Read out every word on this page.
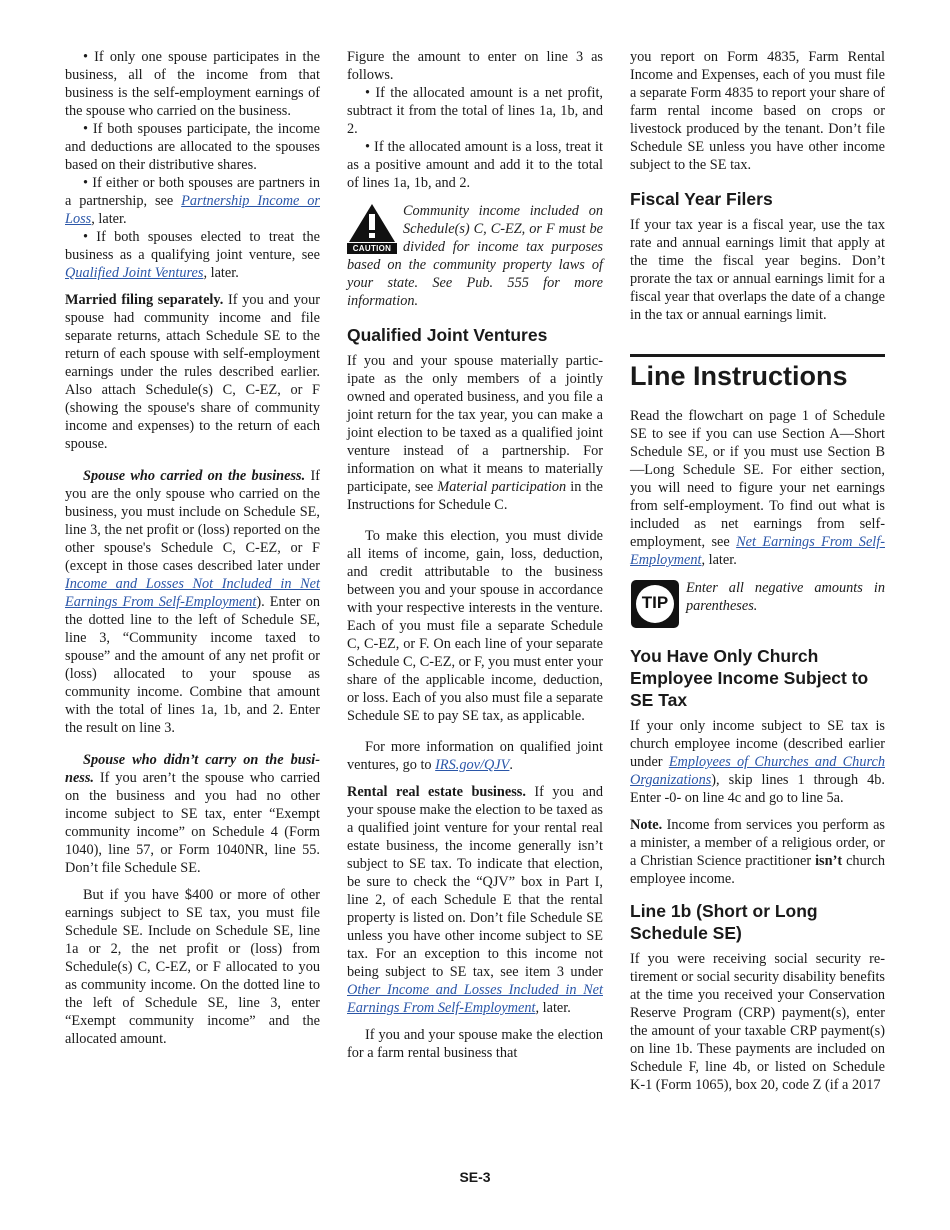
• If only one spouse participates in the business, all of the income from that business is the self-employment earnings of the spouse who carried on the business.

• If both spouses participate, the income and deductions are allocated to the spouses based on their distributive shares.

• If either or both spouses are partners in a partnership, see Partnership Income or Loss, later.

• If both spouses elected to treat the business as a qualifying joint venture, see Qualified Joint Ventures, later.

Married filing separately. If you and your spouse had community income and file separate returns, attach Schedule SE to the return of each spouse with self-employment earnings under the rules described earlier. Also attach Schedule(s) C, C-EZ, or F (showing the spouse's share of community income and expenses) to the return of each spouse.

Spouse who carried on the business. If you are the only spouse who carried on the business, you must include on Schedule SE, line 3, the net profit or (loss) reported on the other spouse's Schedule C, C-EZ, or F (except in those cases described later under Income and Losses Not Included in Net Earnings From Self-Employment). Enter on the dotted line to the left of Schedule SE, line 3, “Community income taxed to spouse” and the amount of any net profit or (loss) allocated to your spouse as community income. Combine that amount with the total of lines 1a, 1b, and 2. Enter the result on line 3.

Spouse who didn’t carry on the business. If you aren’t the spouse who carried on the business and you had no other income subject to SE tax, enter “Exempt community income” on Schedule 4 (Form 1040), line 57, or Form 1040NR, line 55. Don’t file Schedule SE.

But if you have $400 or more of other earnings subject to SE tax, you must file Schedule SE. Include on Schedule SE, line 1a or 2, the net profit or (loss) from Schedule(s) C, C-EZ, or F allocated to you as community income. On the dotted line to the left of Schedule SE, line 3, enter “Exempt community income” and the allocated amount.

Figure the amount to enter on line 3 as follows.

• If the allocated amount is a net profit, subtract it from the total of lines 1a, 1b, and 2.

• If the allocated amount is a loss, treat it as a positive amount and add it to the total of lines 1a, 1b, and 2.

CAUTION

Community income included on Schedule(s) C, C-EZ, or F must be divided for income tax purposes based on the community property laws of your state. See Pub. 555 for more information.

Qualified Joint Ventures

If you and your spouse materially participate as the only members of a jointly owned and operated business, and you file a joint return for the tax year, you can make a joint election to be taxed as a qualified joint venture instead of a partnership. For information on what it means to materially participate, see Material participation in the Instructions for Schedule C.

To make this election, you must divide all items of income, gain, loss, deduction, and credit attributable to the business between you and your spouse in accordance with your respective interests in the venture. Each of you must file a separate Schedule C, C-EZ, or F. On each line of your separate Schedule C, C-EZ, or F, you must enter your share of the applicable income, deduction, or loss. Each of you also must file a separate Schedule SE to pay SE tax, as applicable.

For more information on qualified joint ventures, go to IRS.gov/QJV.

Rental real estate business. If you and your spouse make the election to be taxed as a qualified joint venture for your rental real estate business, the income generally isn’t subject to SE tax. To indicate that election, be sure to check the “QJV” box in Part I, line 2, of each Schedule E that the rental property is listed on. Don’t file Schedule SE unless you have other income subject to SE tax. For an exception to this income not being subject to SE tax, see item 3 under Other Income and Losses Included in Net Earnings From Self-Employment, later.

If you and your spouse make the election for a farm rental business that

you report on Form 4835, Farm Rental Income and Expenses, each of you must file a separate Form 4835 to report your share of farm rental income based on crops or livestock produced by the tenant. Don’t file Schedule SE unless you have other income subject to the SE tax.

Fiscal Year Filers

If your tax year is a fiscal year, use the tax rate and annual earnings limit that apply at the time the fiscal year begins. Don’t prorate the tax or annual earnings limit for a fiscal year that overlaps the date of a change in the tax or annual earnings limit.

Line Instructions

Read the flowchart on page 1 of Schedule SE to see if you can use Section A—Short Schedule SE, or if you must use Section B—Long Schedule SE. For either section, you will need to figure your net earnings from self-employment. To find out what is included as net earnings from self-employment, see Net Earnings From Self-Employment, later.

TIP

Enter all negative amounts in parentheses.

You Have Only Church Employee Income Subject to SE Tax

If your only income subject to SE tax is church employee income (described earlier under Employees of Churches and Church Organizations), skip lines 1 through 4b. Enter -0- on line 4c and go to line 5a.

Note. Income from services you perform as a minister, a member of a religious order, or a Christian Science practitioner isn’t church employee income.

Line 1b (Short or Long Schedule SE)

If you were receiving social security retirement or social security disability benefits at the time you received your Conservation Reserve Program (CRP) payment(s), enter the amount of your taxable CRP payment(s) on line 1b. These payments are included on Schedule F, line 4b, or listed on Schedule K-1 (Form 1065), box 20, code Z (if a 2017

SE-3
